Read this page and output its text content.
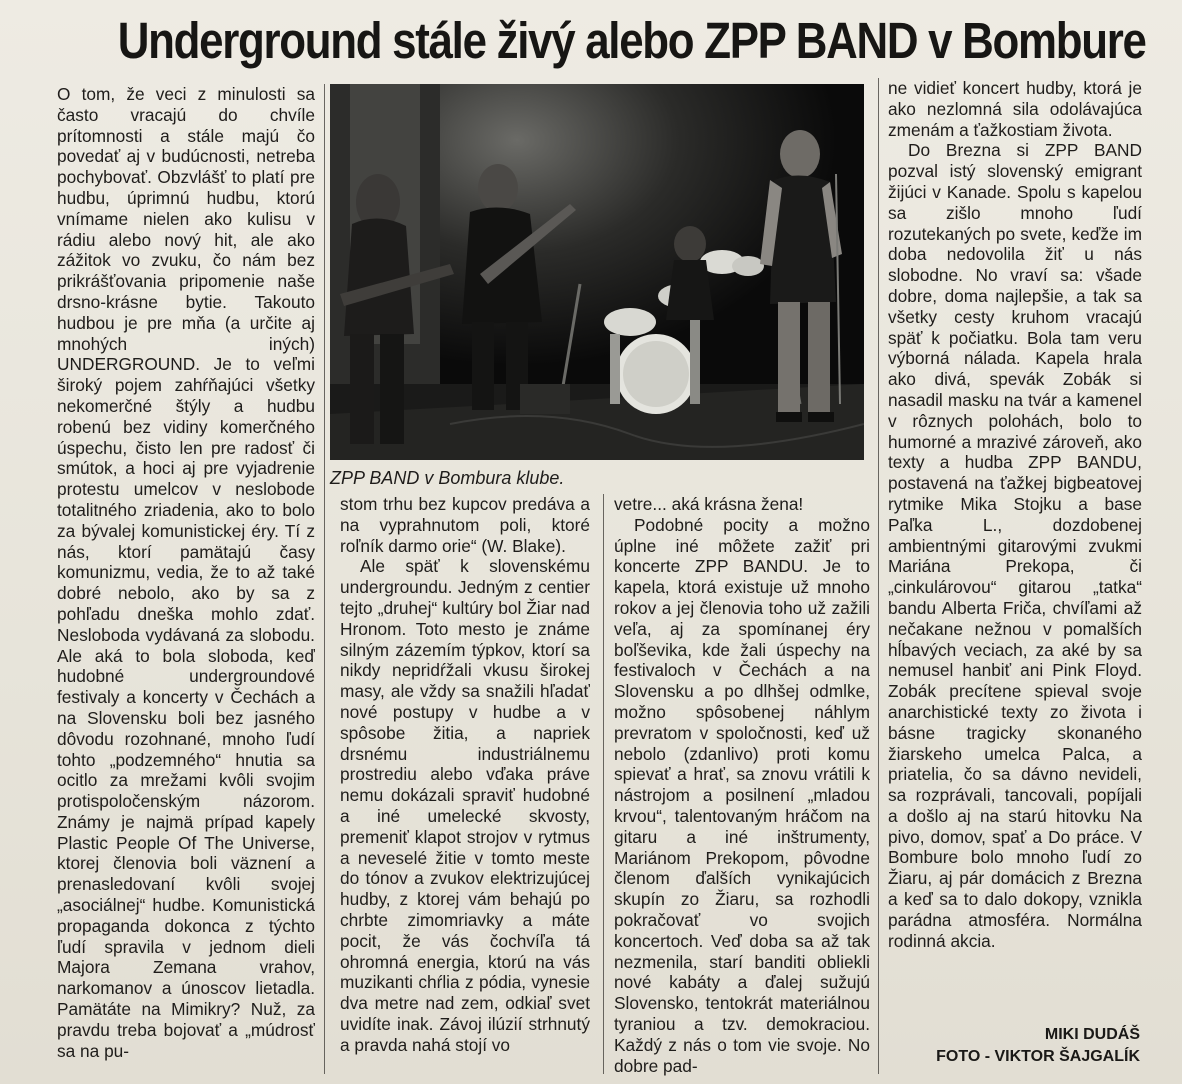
Underground stále živý alebo ZPP BAND v Bombure

O tom, že veci z minulosti sa často vracajú do chvíle prítomnosti a stále majú čo povedať aj v budúcnosti, netreba pochybovať. Obzvlášť to platí pre hudbu, úprimnú hudbu, ktorú vnímame nielen ako kulisu v rádiu alebo nový hit, ale ako zážitok vo zvuku, čo nám bez prikrášťovania pripomenie naše drsno-krásne bytie. Takouto hudbou je pre mňa (a určite aj mnohých iných) UNDERGROUND. Je to veľmi široký pojem zahŕňajúci všetky nekomerčné štýly a hudbu robenú bez vidiny komerčného úspechu, čisto len pre radosť či smútok, a hoci aj pre vyjadrenie protestu umelcov v neslobode totalitného zriadenia, ako to bolo za bývalej komunistickej éry. Tí z nás, ktorí pamätajú časy komunizmu, vedia, že to až také dobré nebolo, ako by sa z pohľadu dneška mohlo zdať. Nesloboda vydávaná za slobodu. Ale aká to bola sloboda, keď hudobné undergroundové festivaly a koncerty v Čechách a na Slovensku boli bez jasného dôvodu rozohnané, mnoho ľudí tohto „podzemného“ hnutia sa ocitlo za mrežami kvôli svojim protispoločenským názorom. Známy je najmä prípad kapely Plastic People Of The Universe, ktorej členovia boli väznení a prenasledovaní kvôli svojej „asociálnej“ hudbe. Komunistická propaganda dokonca z týchto ľudí spravila v jednom dieli Majora Zemana vrahov, narkomanov a únoscov lietadla. Pamätáte na Mimikry? Nuž, za pravdu treba bojovať a „múdrosť sa na pu-

ZPP BAND v Bombura klube.

stom trhu bez kupcov predáva a na vyprahnutom poli, ktoré roľník darmo orie“ (W. Blake).

Ale späť k slovenskému undergroundu. Jedným z centier tejto „druhej“ kultúry bol Žiar nad Hronom. Toto mesto je známe silným zázemím týpkov, ktorí sa nikdy nepridŕžali vkusu širokej masy, ale vždy sa snažili hľadať nové postupy v hudbe a v spôsobe žitia, a napriek drsnému industriálnemu prostrediu alebo vďaka práve nemu dokázali spraviť hudobné a iné umelecké skvosty, premeniť klapot strojov v rytmus a neveselé žitie v tomto meste do tónov a zvukov elektrizujúcej hudby, z ktorej vám behajú po chrbte zimomriavky a máte pocit, že vás čochvíľa tá ohromná energia, ktorú na vás muzikanti chŕlia z pódia, vynesie dva metre nad zem, odkiaľ svet uvidíte inak. Závoj ilúzií strhnutý a pravda nahá stojí vo

vetre... aká krásna žena!

Podobné pocity a možno úplne iné môžete zažiť pri koncerte ZPP BANDU. Je to kapela, ktorá existuje už mnoho rokov a jej členovia toho už zažili veľa, aj za spomínanej éry boľševika, kde žali úspechy na festivaloch v Čechách a na Slovensku a po dlhšej odmlke, možno spôsobenej náhlym prevratom v spoločnosti, keď už nebolo (zdanlivo) proti komu spievať a hrať, sa znovu vrátili k nástrojom a posilnení „mladou krvou“, talentovaným hráčom na gitaru a iné inštrumenty, Mariánom Prekopom, pôvodne členom ďalších vynikajúcich skupín zo Žiaru, sa rozhodli pokračovať vo svojich koncertoch. Veď doba sa až tak nezmenila, starí banditi obliekli nové kabáty a ďalej sužujú Slovensko, tentokrát materiálnou tyraniou a tzv. demokraciou. Každý z nás o tom vie svoje. No dobre pad-

ne vidieť koncert hudby, ktorá je ako nezlomná sila odolávajúca zmenám a ťažkostiam života.

Do Brezna si ZPP BAND pozval istý slovenský emigrant žijúci v Kanade. Spolu s kapelou sa zišlo mnoho ľudí rozutekaných po svete, keďže im doba nedovolila žiť u nás slobodne. No vraví sa: všade dobre, doma najlepšie, a tak sa všetky cesty kruhom vracajú späť k počiatku. Bola tam veru výborná nálada. Kapela hrala ako divá, spevák Zobák si nasadil masku na tvár a kamenel v rôznych polohách, bolo to humorné a mrazivé zároveň, ako texty a hudba ZPP BANDU, postavená na ťažkej bigbeatovej rytmike Mika Stojku a base Paľka L., dozdobenej ambientnými gitarovými zvukmi Mariána Prekopa, či „cinkulárovou“ gitarou „tatka“ bandu Alberta Friča, chvíľami až nečakane nežnou v pomalších hĺbavých veciach, za aké by sa nemusel hanbiť ani Pink Floyd. Zobák precítene spieval svoje anarchistické texty zo života i básne tragicky skonaného žiarskeho umelca Palca, a priatelia, čo sa dávno nevideli, sa rozprávali, tancovali, popíjali a došlo aj na starú hitovku Na pivo, domov, spať a Do práce. V Bombure bolo mnoho ľudí zo Žiaru, aj pár domácich z Brezna a keď sa to dalo dokopy, vznikla parádna atmosféra. Normálna rodinná akcia.

MIKI DUDÁŠ
FOTO - VIKTOR ŠAJGALÍK
